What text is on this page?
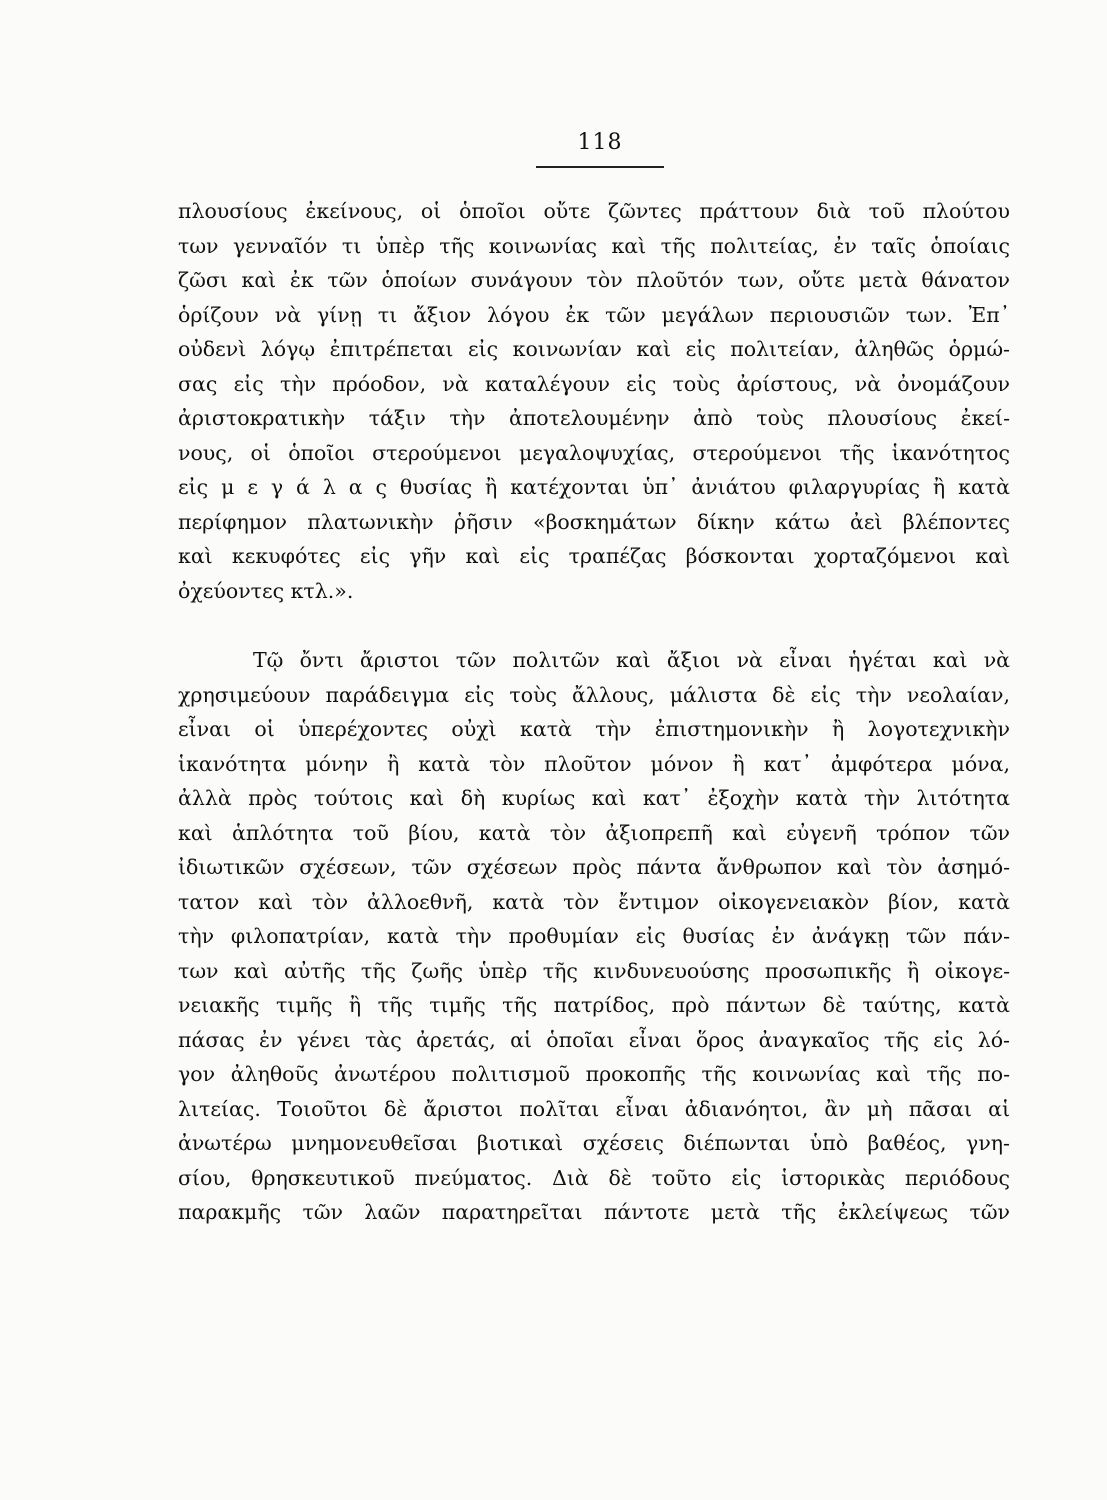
118
πλουσίους ἐκείνους, οἱ ὁποῖοι οὔτε ζῶντες πράττουν διὰ τοῦ πλούτου
των γενναῖόν τι ὑπὲρ τῆς κοινωνίας καὶ τῆς πολιτείας, ἐν ταῖς ὁποίαις
ζῶσι καὶ ἐκ τῶν ὁποίων συνάγουν τὸν πλοῦτόν των, οὔτε μετὰ θάνατον
ὁρίζουν νὰ γίνῃ τι ἄξιον λόγου ἐκ τῶν μεγάλων περιουσιῶν των. Ἐπ᾽
οὐδενὶ λόγῳ ἐπιτρέπεται εἰς κοινωνίαν καὶ εἰς πολιτείαν, ἀληθῶς ὁρμώ-
σας εἰς τὴν πρόοδον, νὰ καταλέγουν εἰς τοὺς ἀρίστους, νὰ ὀνομάζουν
ἀριστοκρατικὴν τάξιν τὴν ἀποτελουμένην ἀπὸ τοὺς πλουσίους ἐκεί-
νους, οἱ ὁποῖοι στερούμενοι μεγαλοψυχίας, στερούμενοι τῆς ἱκανότητος
εἰς μ ε γ ά λ α ς θυσίας ἢ κατέχονται ὑπ᾽ ἀνιάτου φιλαργυρίας ἢ κατὰ
περίφημον πλατωνικὴν ῥῆσιν «βοσκημάτων δίκην κάτω ἀεὶ βλέποντες
καὶ κεκυφότες εἰς γῆν καὶ εἰς τραπέζας βόσκονται χορταζόμενοι καὶ
ὀχεύοντες κτλ.».
Τῷ ὄντι ἄριστοι τῶν πολιτῶν καὶ ἄξιοι νὰ εἶναι ἡγέται καὶ νὰ
χρησιμεύουν παράδειγμα εἰς τοὺς ἄλλους, μάλιστα δὲ εἰς τὴν νεολαίαν,
εἶναι οἱ ὑπερέχοντες οὐχὶ κατὰ τὴν ἐπιστημονικὴν ἢ λογοτεχνικὴν
ἱκανότητα μόνην ἢ κατὰ τὸν πλοῦτον μόνον ἢ κατ᾽ ἀμφότερα μόνα,
ἀλλὰ πρὸς τούτοις καὶ δὴ κυρίως καὶ κατ᾽ ἐξοχὴν κατὰ τὴν λιτότητα
καὶ ἁπλότητα τοῦ βίου, κατὰ τὸν ἀξιοπρεπῆ καὶ εὐγενῆ τρόπον τῶν
ἰδιωτικῶν σχέσεων, τῶν σχέσεων πρὸς πάντα ἄνθρωπον καὶ τὸν ἀσημό-
τατον καὶ τὸν ἀλλοεθνῆ, κατὰ τὸν ἔντιμον οἰκογενειακὸν βίον, κατὰ
τὴν φιλοπατρίαν, κατὰ τὴν προθυμίαν εἰς θυσίας ἐν ἀνάγκῃ τῶν πάν-
των καὶ αὐτῆς τῆς ζωῆς ὑπὲρ τῆς κινδυνευούσης προσωπικῆς ἢ οἰκογε-
νειακῆς τιμῆς ἢ τῆς τιμῆς τῆς πατρίδος, πρὸ πάντων δὲ ταύτης, κατὰ
πάσας ἐν γένει τὰς ἀρετάς, αἱ ὁποῖαι εἶναι ὅρος ἀναγκαῖος τῆς εἰς λό-
γον ἀληθοῦς ἀνωτέρου πολιτισμοῦ προκοπῆς τῆς κοινωνίας καὶ τῆς πο-
λιτείας. Τοιοῦτοι δὲ ἄριστοι πολῖται εἶναι ἀδιανόητοι, ἂν μὴ πᾶσαι αἱ
ἀνωτέρω μνημονευθεῖσαι βιοτικαὶ σχέσεις διέπωνται ὑπὸ βαθέος, γνη-
σίου, θρησκευτικοῦ πνεύματος. Διὰ δὲ τοῦτο εἰς ἱστορικὰς περιόδους
παρακμῆς τῶν λαῶν παρατηρεῖται πάντοτε μετὰ τῆς ἐκλείψεως τῶν
